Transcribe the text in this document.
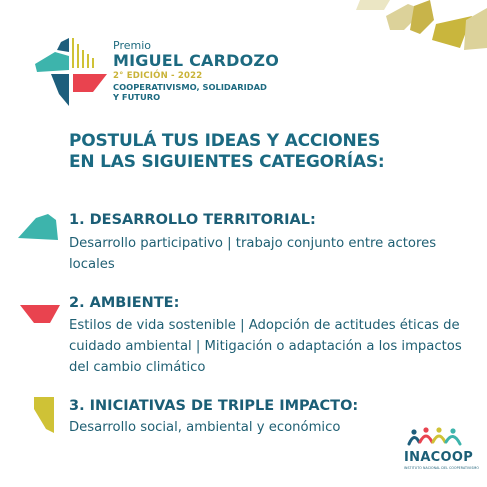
Premio
MIGUEL CARDOZO
2° EDICIÓN - 2022
COOPERATIVISMO, SOLIDARIDAD
Y FUTURO
POSTULÁ TUS IDEAS Y ACCIONES
EN LAS SIGUIENTES CATEGORÍAS:
1. DESARROLLO TERRITORIAL:
Desarrollo participativo | trabajo conjunto entre actores locales
2. AMBIENTE:
Estilos de vida sostenible | Adopción de actitudes éticas de cuidado ambiental | Mitigación o adaptación a los impactos del cambio climático
3. INICIATIVAS DE TRIPLE IMPACTO:
Desarrollo social, ambiental y económico
INACOOP
INSTITUTO NACIONAL DEL COOPERATIVISMO
